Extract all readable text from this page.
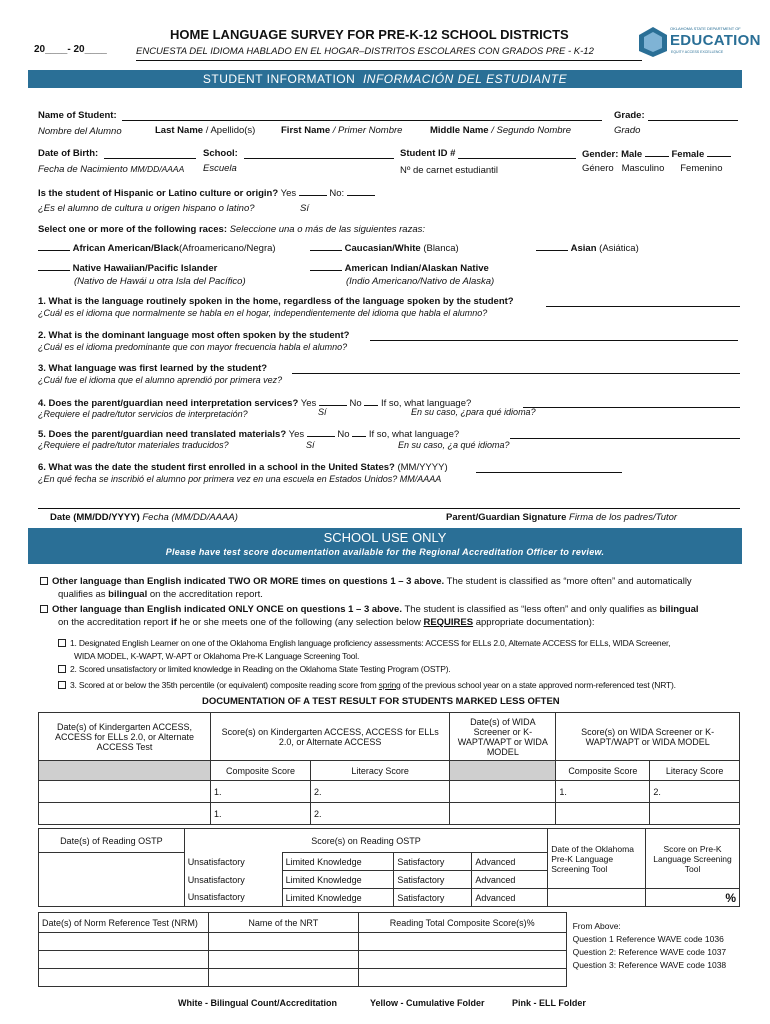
20____- 20____
HOME LANGUAGE SURVEY FOR PRE-K-12 SCHOOL DISTRICTS
ENCUESTA DEL IDIOMA HABLADO EN EL HOGAR–DISTRITOS ESCOLARES CON GRADOS PRE - K-12
OKLAHOMA STATE DEPARTMENT OF
EDUCATION
EQUITY ACCESS EXCELLENCE
STUDENT INFORMATION INFORMACIÓN DEL ESTUDIANTE
Name of Student:	Grade:
Nombre del Alumno	Last Name / Apellido(s)	First Name / Primer Nombre	Middle Name / Segundo Nombre	Grado
Date of Birth:	School:	Student ID #	Gender: Male	Female
Fecha de Nacimiento MM/DD/AAAA Escuela	Nº de carnet estudiantil	Género Masculino Femenino
Is the student of Hispanic or Latino culture or origin? Yes	No:
¿Es el alumno de cultura u origen hispano o latino?	Sí
Select one or more of the following races: Seleccione una o más de las siguientes razas:
African American/Black(Afroamericano/Negra)	Caucasian/White (Blanca)	Asian (Asiática)
Native Hawaiian/Pacific Islander
(Nativo de Hawái u otra Isla del Pacífico)
American Indian/Alaskan Native
(Indio Americano/Nativo de Alaska)
1. What is the language routinely spoken in the home, regardless of the language spoken by the student?
¿Cuál es el idioma que normalmente se habla en el hogar, independientemente del idioma que habla el alumno?
2. What is the dominant language most often spoken by the student?
¿Cuál es el idioma predominante que con mayor frecuencia habla el alumno?
3. What language was first learned by the student?
¿Cuál fue el idioma que el alumno aprendió por primera vez?
4. Does the parent/guardian need interpretation services? Yes	No If so, what language?
¿Requiere el padre/tutor servicios de interpretación?	Sí	En su caso, ¿para qué idioma?
5. Does the parent/guardian need translated materials? Yes	No If so, what language?
¿Requiere el padre/tutor materiales traducidos?	Sí	En su caso, ¿a qué idioma?
6. What was the date the student first enrolled in a school in the United States? (MM/YYYY)
¿En qué fecha se inscribió el alumno por primera vez en una escuela en Estados Unidos? MM/AAAA
Date (MM/DD/YYYY) Fecha (MM/DD/AAAA)	Parent/Guardian Signature Firma de los padres/Tutor
SCHOOL USE ONLY
Please have test score documentation available for the Regional Accreditation Officer to review.
Other language than English indicated TWO OR MORE times on questions 1 – 3 above. The student is classified as “more often” and automatically
qualifies as bilingual on the accreditation report.
Other language than English indicated ONLY ONCE on questions 1 – 3 above. The student is classified as “less often” and only qualifies as bilingual
on the accreditation report if he or she meets one of the following (any selection below REQUIRES appropriate documentation):
1. Designated English Learner on one of the Oklahoma English language proficiency assessments: ACCESS for ELLs 2.0, Alternate ACCESS for ELLs, WIDA Screener,
WIDA MODEL, K-WAPT, W-APT or Oklahoma Pre-K Language Screening Tool.
2. Scored unsatisfactory or limited knowledge in Reading on the Oklahoma State Testing Program (OSTP).
3. Scored at or below the 35th percentile (or equivalent) composite reading score from spring of the previous school year on a state approved norm-referenced test (NRT).
DOCUMENTATION OF A TEST RESULT FOR STUDENTS MARKED LESS OFTEN
Date(s) of Kindergarten ACCESS, ACCESS for ELLs 2.0, or Alternate ACCESS Test	Score(s) on Kindergarten ACCESS, ACCESS for ELLs 2.0, or Alternate ACCESS		Date(s) of WIDA Screener or K-WAPT/WAPT or WIDA MODEL	Score(s) on WIDA Screener or K-WAPT/WAPT or WIDA MODEL	
	Composite Score	Literacy Score		Composite Score	Literacy Score
	1.	2.		1.	2.
	1.	2.			
Date(s) of Reading OSTP	Score(s) on Reading OSTP				Date of the Oklahoma Pre-K Language Screening Tool	Score on Pre-K Language Screening Tool
	Unsatisfactory	Limited Knowledge	Satisfactory	Advanced		
	Unsatisfactory	Limited Knowledge	Satisfactory	Advanced		
	Unsatisfactory	Limited Knowledge	Satisfactory	Advanced		%
Date(s) of Norm Reference Test (NRM)	Name of the NRT	Reading Total Composite Score(s)%	From Above:
Question 1 Reference WAVE code 1036
Question 2: Reference WAVE code 1037
Question 3: Reference WAVE code 1038

White - Bilingual Count/Accreditation	Yellow - Cumulative Folder	Pink - ELL Folder
